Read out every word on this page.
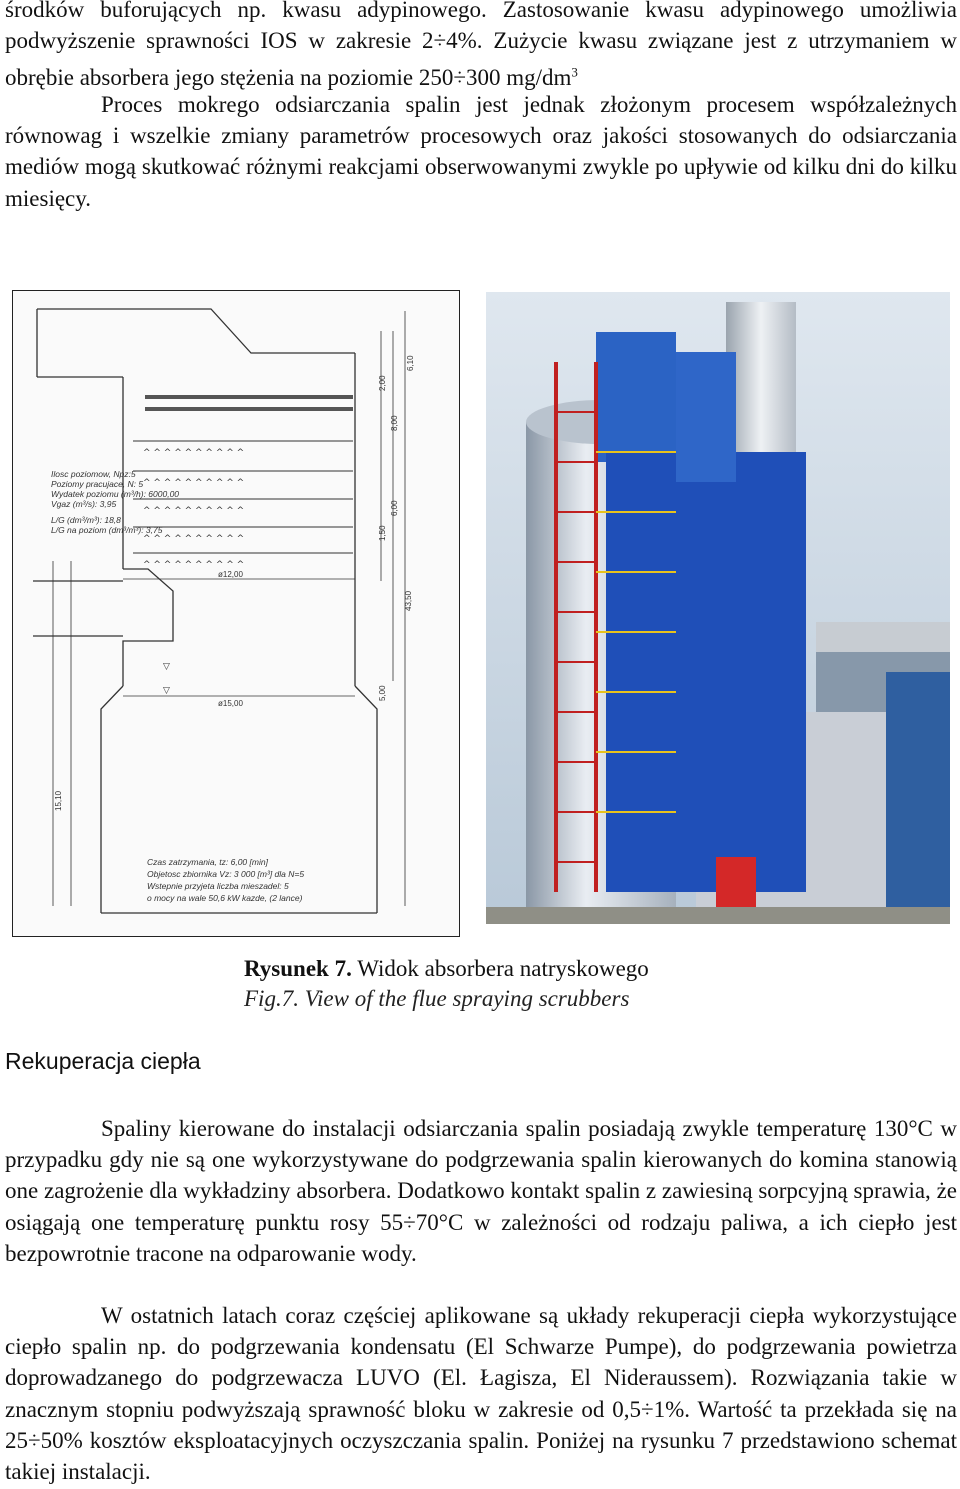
środków buforujących np. kwasu adypinowego. Zastosowanie kwasu adypinowego umożliwia podwyższenie sprawności IOS w zakresie 2÷4%. Zużycie kwasu związane jest z utrzymaniem w obrębie absorbera jego stężenia na poziomie 250÷300 $mg/dm^3$

Proces mokrego odsiarczania spalin jest jednak złożonym procesem współzależnych równowag i wszelkie zmiany parametrów procesowych oraz jakości stosowanych do odsiarczania mediów mogą skutkować różnymi reakcjami obserwowanymi zwykle po upływie od kilku dni do kilku miesięcy.

^ ^ ^ ^ ^ ^ ^ ^ ^ ^
^ ^ ^ ^ ^ ^ ^ ^ ^ ^
^ ^ ^ ^ ^ ^ ^ ^ ^ ^
^ ^ ^ ^ ^ ^ ^ ^ ^ ^
^ ^ ^ ^ ^ ^ ^ ^ ^ ^
▽
▽
ø12,00
ø15,00
43,50
15,10
6,10
8,00
6,00
5,00
2,00
1,50
Ilosc poziomow, Npz:5
Poziomy pracujace, N: 5
Wydatek poziomu (m³/h): 6000,00
Vgaz (m³/s): 3,95
L/G (dm³/m³): 18,8
L/G na poziom (dm³/m³): 3,75
Czas zatrzymania, tz: 6,00 [min]
Objetosc zbiornika Vz: 3 000 [m³] dla N=5
Wstepnie przyjeta liczba mieszadel: 5
o mocy na wale 50,6 kW kazde, (2 lance)
Rysunek 7. Widok absorbera natryskowego
Fig.7. View of the flue spraying scrubbers
Rekuperacja ciepła

Spaliny kierowane do instalacji odsiarczania spalin posiadają zwykle temperaturę 130°C w przypadku gdy nie są one wykorzystywane do podgrzewania spalin kierowanych do komina stanowią one zagrożenie dla wykładziny absorbera. Dodatkowo kontakt spalin z zawiesiną sorpcyjną sprawia, że osiągają one temperaturę punktu rosy 55÷70°C w zależności od rodzaju paliwa, a ich ciepło jest bezpowrotnie tracone na odparowanie wody.

W ostatnich latach coraz częściej aplikowane są układy rekuperacji ciepła wykorzystujące ciepło spalin np. do podgrzewania kondensatu (El Schwarze Pumpe), do podgrzewania powietrza doprowadzanego do podgrzewacza LUVO (El. Łagisza, El Nideraussem). Rozwiązania takie w znacznym stopniu podwyższają sprawność bloku w zakresie od 0,5÷1%. Wartość ta przekłada się na 25÷50% kosztów eksploatacyjnych oczyszczania spalin. Poniżej na rysunku 7 przedstawiono schemat takiej instalacji.
